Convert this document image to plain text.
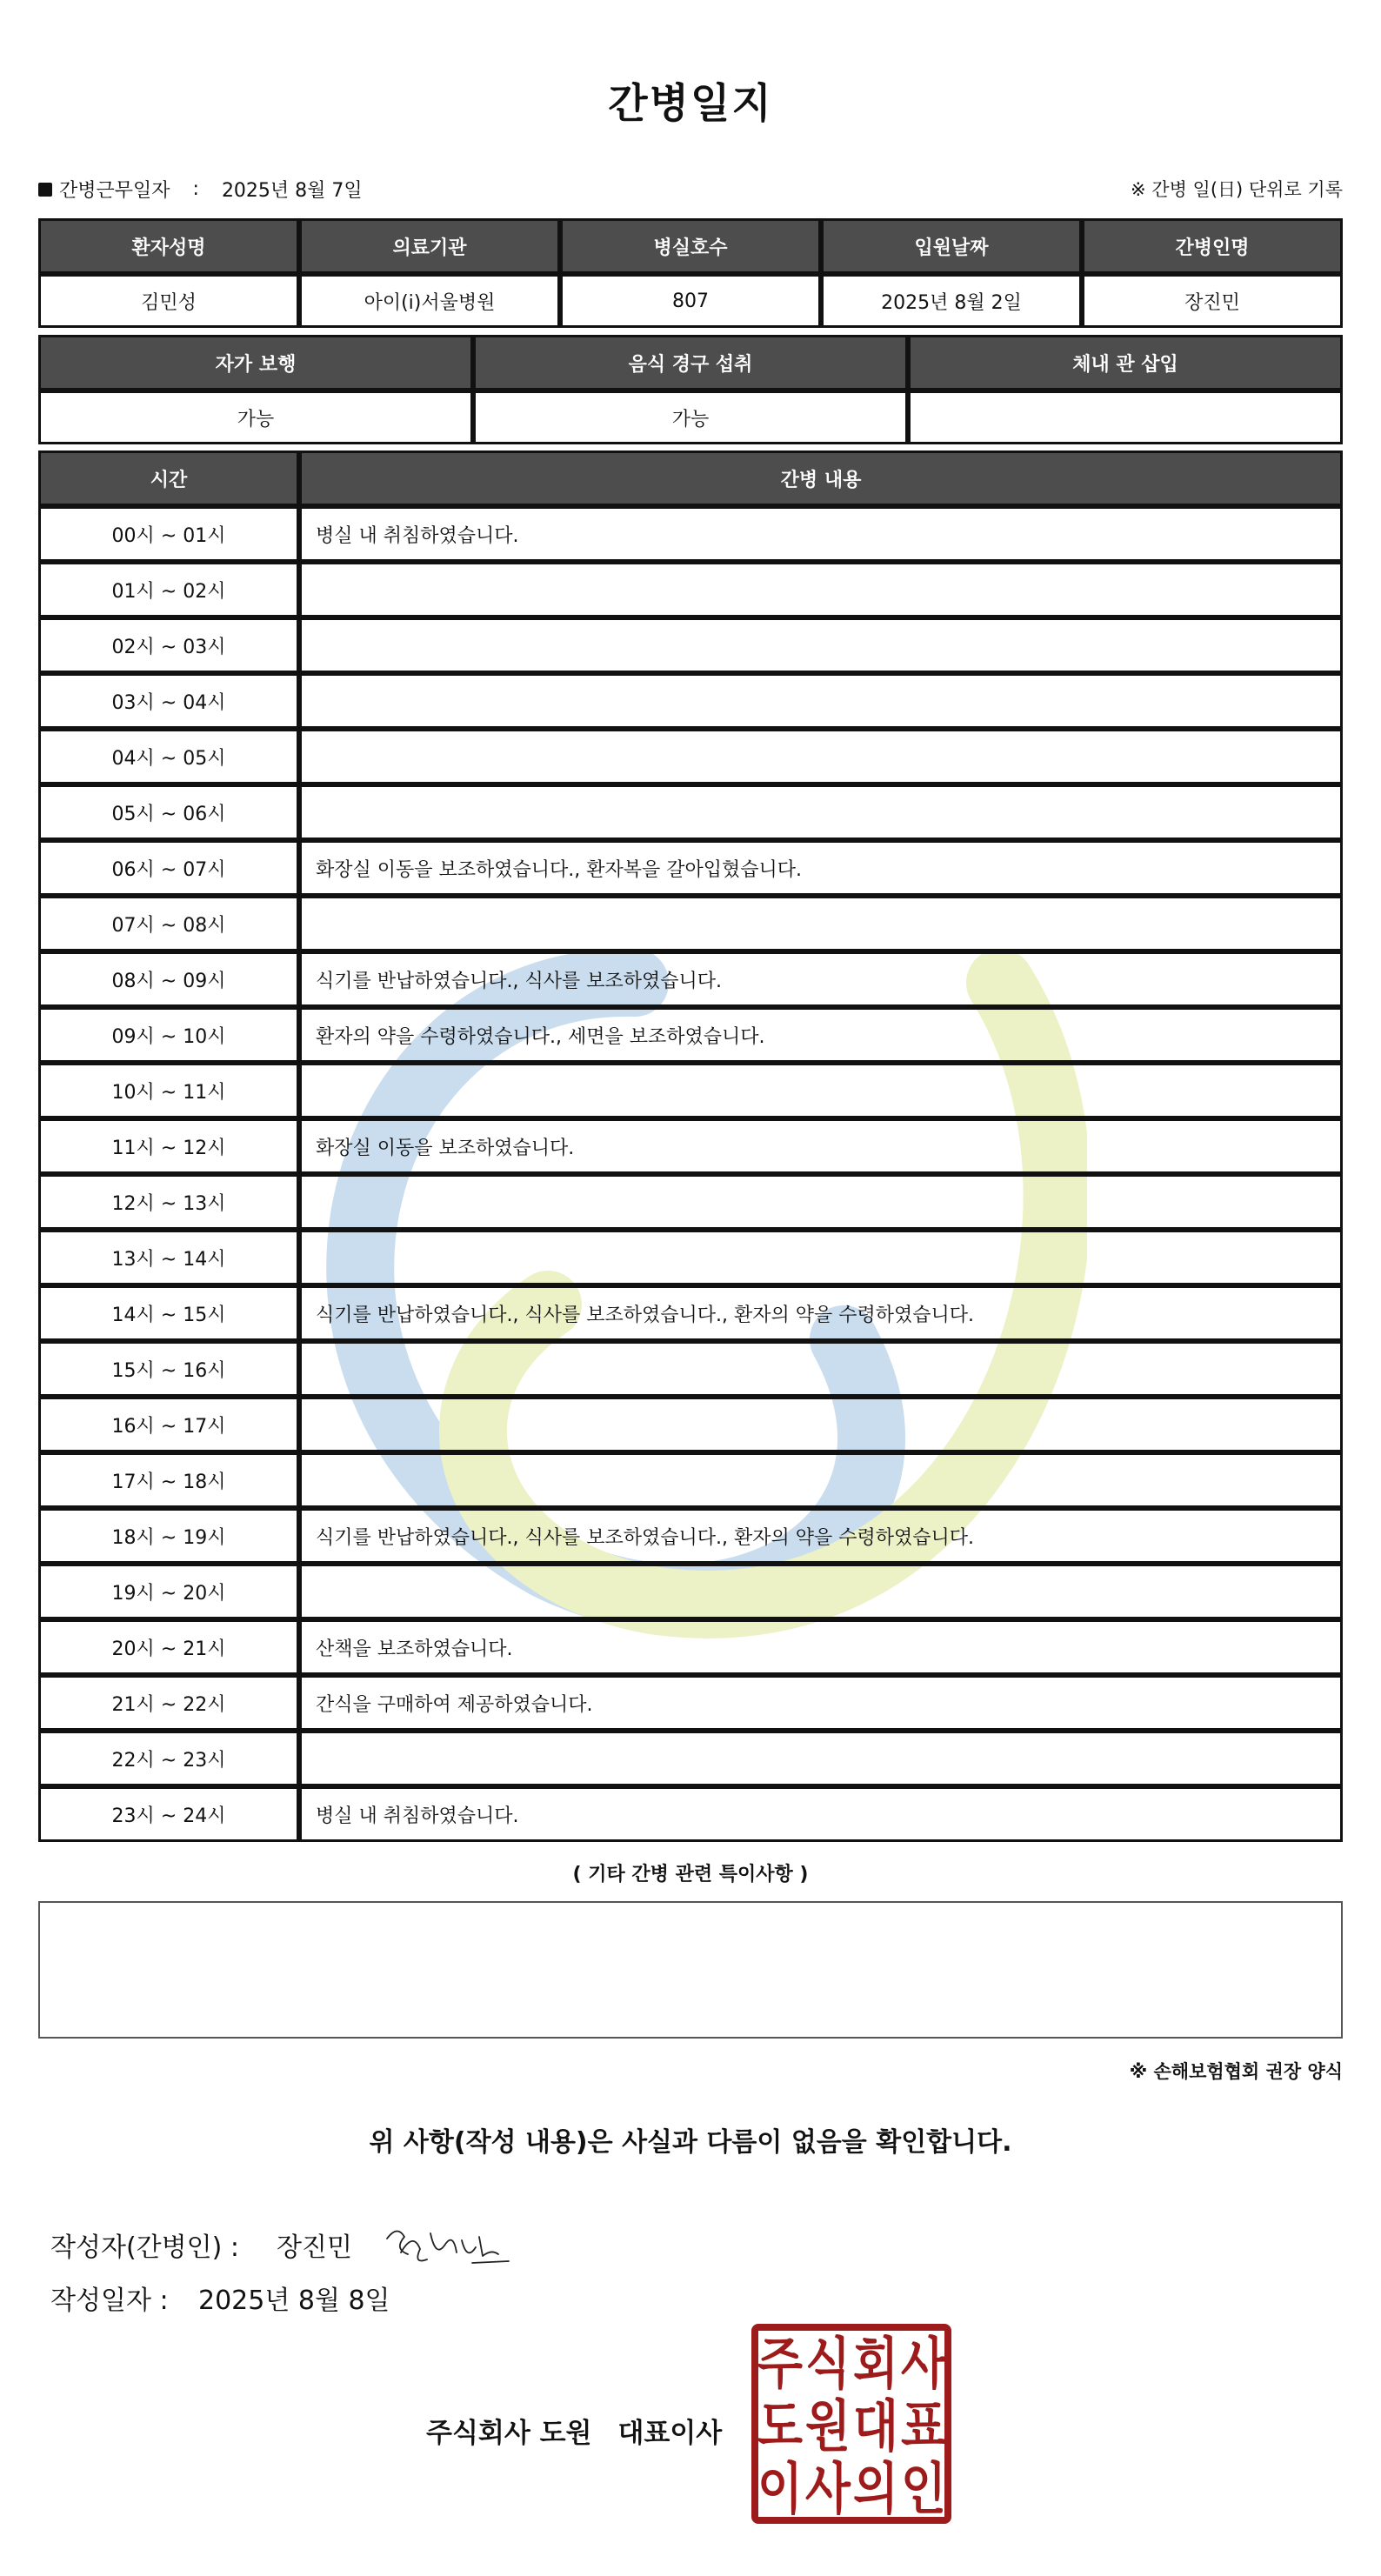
간병일지
간병근무일자 : 2025년 8월 7일	※ 간병 일(日) 단위로 기록
환자성명	의료기관	병실호수	입원날짜	간병인명
김민성	아이(i)서울병원	807	2025년 8월 2일	장진민
자가 보행	음식 경구 섭취	체내 관 삽입
가능	가능	
시간	간병 내용
00시 ~ 01시	병실 내 취침하였습니다.
01시 ~ 02시	
02시 ~ 03시	
03시 ~ 04시	
04시 ~ 05시	
05시 ~ 06시	
06시 ~ 07시	화장실 이동을 보조하였습니다., 환자복을 갈아입혔습니다.
07시 ~ 08시	
08시 ~ 09시	식기를 반납하였습니다., 식사를 보조하였습니다.
09시 ~ 10시	환자의 약을 수령하였습니다., 세면을 보조하였습니다.
10시 ~ 11시	
11시 ~ 12시	화장실 이동을 보조하였습니다.
12시 ~ 13시	
13시 ~ 14시	
14시 ~ 15시	식기를 반납하였습니다., 식사를 보조하였습니다., 환자의 약을 수령하였습니다.
15시 ~ 16시	
16시 ~ 17시	
17시 ~ 18시	
18시 ~ 19시	식기를 반납하였습니다., 식사를 보조하였습니다., 환자의 약을 수령하였습니다.
19시 ~ 20시	
20시 ~ 21시	산책을 보조하였습니다.
21시 ~ 22시	간식을 구매하여 제공하였습니다.
22시 ~ 23시	
23시 ~ 24시	병실 내 취침하였습니다.
( 기타 간병 관련 특이사항 )
※ 손해보험협회 권장 양식
위 사항(작성 내용)은 사실과 다름이 없음을 확인합니다.
작성자(간병인) :	장진민
작성일자 :	2025년 8월 8일
주식회사 도원 대표이사
주 식 회 사
도 원 대 표
이 사 의 인
